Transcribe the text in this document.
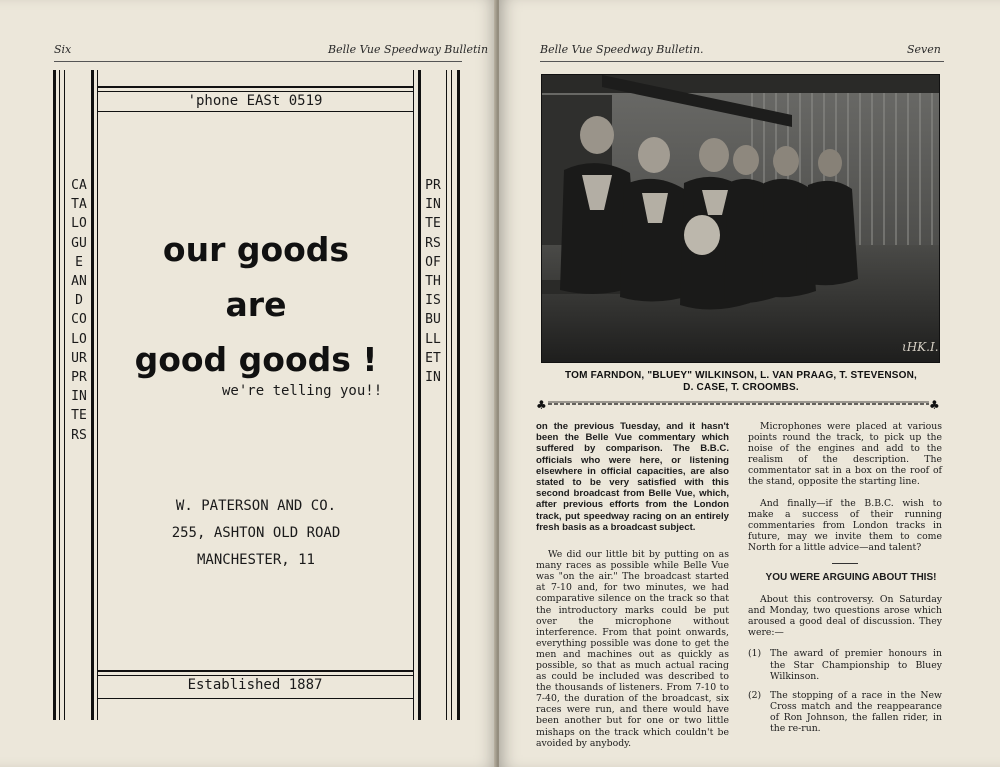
Six	Belle Vue Speedway Bulletin
CATALOGUE AND COLOUR PRINTERS
PRINTERS OF THIS BULLETIN
'phone EASt 0519
our goods
are
good goods !
we're telling you!!
W. PATERSON AND CO.
255, ASHTON OLD ROAD
MANCHESTER, 11
Established 1887
Belle Vue Speedway Bulletin.	Seven
ιΗΚ.Ι.
TOM FARNDON, "BLUEY" WILKINSON, L. VAN PRAAG, T. STEVENSON,
D. CASE, T. CROOMBS.
♣	♣

on the previous Tuesday, and it hasn't been the Belle Vue commentary which suffered by comparison. The B.B.C. officials who were here, or listening elsewhere in official capacities, are also stated to be very satisfied with this second broadcast from Belle Vue, which, after previous efforts from the London track, put speedway racing on an entirely fresh basis as a broadcast subject.

We did our little bit by putting on as many races as possible while Belle Vue was "on the air." The broadcast started at 7-10 and, for two minutes, we had comparative silence on the track so that the introductory marks could be put over the microphone without interference. From that point onwards, everything possible was done to get the men and machines out as quickly as possible, so that as much actual racing as could be included was described to the thousands of listeners. From 7-10 to 7-40, the duration of the broadcast, six races were run, and there would have been another but for one or two little mishaps on the track which couldn't be avoided by anybody.

Microphones were placed at various points round the track, to pick up the noise of the engines and add to the realism of the description. The commentator sat in a box on the roof of the stand, opposite the starting line.

And finally—if the B.B.C. wish to make a success of their running commentaries from London tracks in future, may we invite them to come North for a little advice—and talent?

YOU WERE ARGUING ABOUT THIS!

About this controversy. On Saturday and Monday, two questions arose which aroused a good deal of discussion. They were:—

(1) The award of premier honours in the Star Championship to Bluey Wilkinson.
(2) The stopping of a race in the New Cross match and the reappearance of Ron Johnson, the fallen rider, in the re-run.
